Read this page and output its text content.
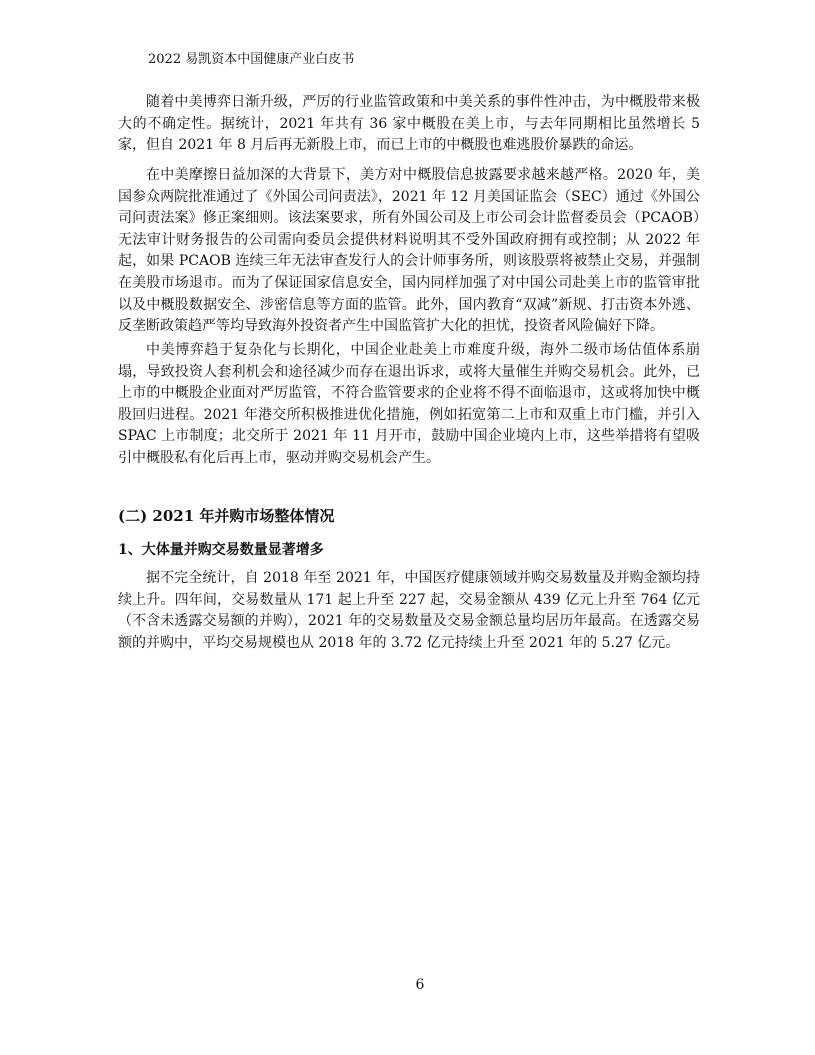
2022 易凯资本中国健康产业白皮书

随着中美博弈日渐升级，严厉的行业监管政策和中美关系的事件性冲击，为中概股带来极大的不确定性。据统计，2021 年共有 36 家中概股在美上市，与去年同期相比虽然增长 5 家，但自 2021 年 8 月后再无新股上市，而已上市的中概股也难逃股价暴跌的命运。

在中美摩擦日益加深的大背景下，美方对中概股信息披露要求越来越严格。2020 年，美国参众两院批准通过了《外国公司问责法》，2021 年 12 月美国证监会（SEC）通过《外国公司问责法案》修正案细则。该法案要求，所有外国公司及上市公司会计监督委员会（PCAOB）无法审计财务报告的公司需向委员会提供材料说明其不受外国政府拥有或控制；从 2022 年起，如果 PCAOB 连续三年无法审查发行人的会计师事务所，则该股票将被禁止交易，并强制在美股市场退市。而为了保证国家信息安全，国内同样加强了对中国公司赴美上市的监管审批以及中概股数据安全、涉密信息等方面的监管。此外，国内教育“双减”新规、打击资本外逃、反垄断政策趋严等均导致海外投资者产生中国监管扩大化的担忧，投资者风险偏好下降。

中美博弈趋于复杂化与长期化，中国企业赴美上市难度升级，海外二级市场估值体系崩塌，导致投资人套利机会和途径减少而存在退出诉求，或将大量催生并购交易机会。此外，已上市的中概股企业面对严厉监管，不符合监管要求的企业将不得不面临退市，这或将加快中概股回归进程。2021 年港交所积极推进优化措施，例如拓宽第二上市和双重上市门槛，并引入 SPAC 上市制度；北交所于 2021 年 11 月开市，鼓励中国企业境内上市，这些举措将有望吸引中概股私有化后再上市，驱动并购交易机会产生。

(二) 2021 年并购市场整体情况
1、大体量并购交易数量显著增多

据不完全统计，自 2018 年至 2021 年，中国医疗健康领域并购交易数量及并购金额均持续上升。四年间，交易数量从 171 起上升至 227 起，交易金额从 439 亿元上升至 764 亿元（不含未透露交易额的并购），2021 年的交易数量及交易金额总量均居历年最高。在透露交易额的并购中，平均交易规模也从 2018 年的 3.72 亿元持续上升至 2021 年的 5.27 亿元。

6
